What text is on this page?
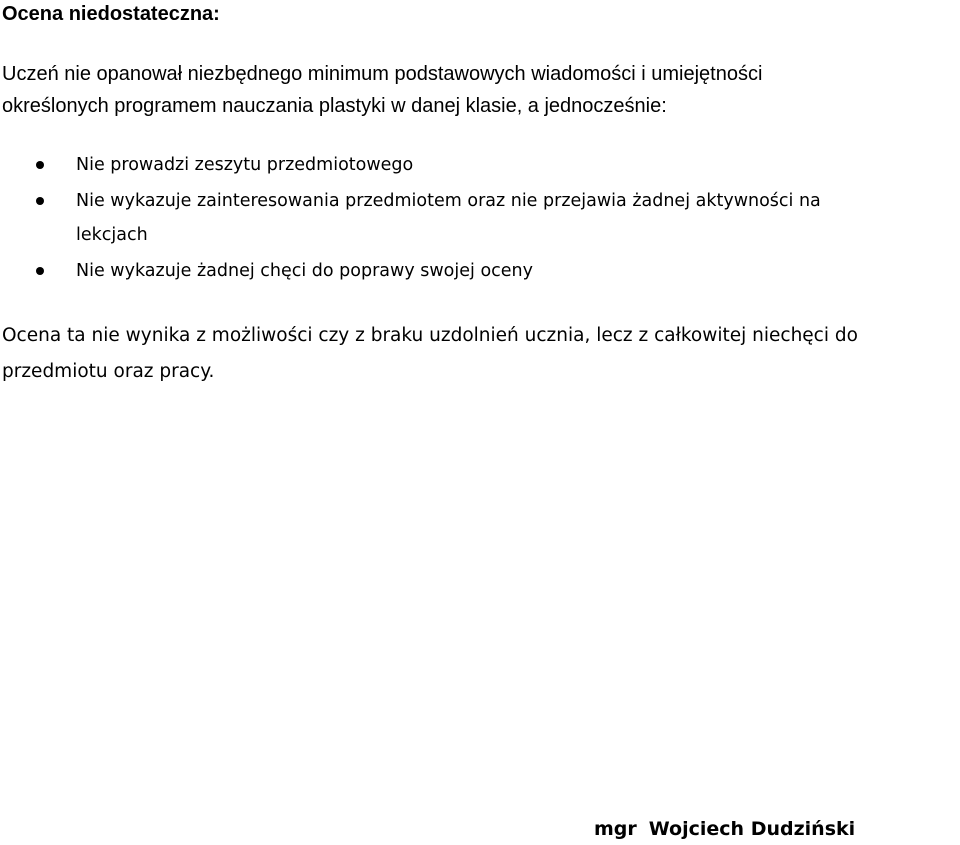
Ocena niedostateczna:

Uczeń nie opanował niezbędnego minimum podstawowych wiadomości i umiejętności
określonych programem nauczania plastyki w danej klasie, a jednocześnie:

Nie prowadzi zeszytu przedmiotowego
Nie wykazuje zainteresowania przedmiotem oraz nie przejawia żadnej aktywności na
lekcjach
Nie wykazuje żadnej chęci do poprawy swojej oceny

Ocena ta nie wynika z możliwości czy z braku uzdolnień ucznia, lecz z całkowitej niechęci do
przedmiotu oraz pracy.

mgr Wojciech Dudziński
